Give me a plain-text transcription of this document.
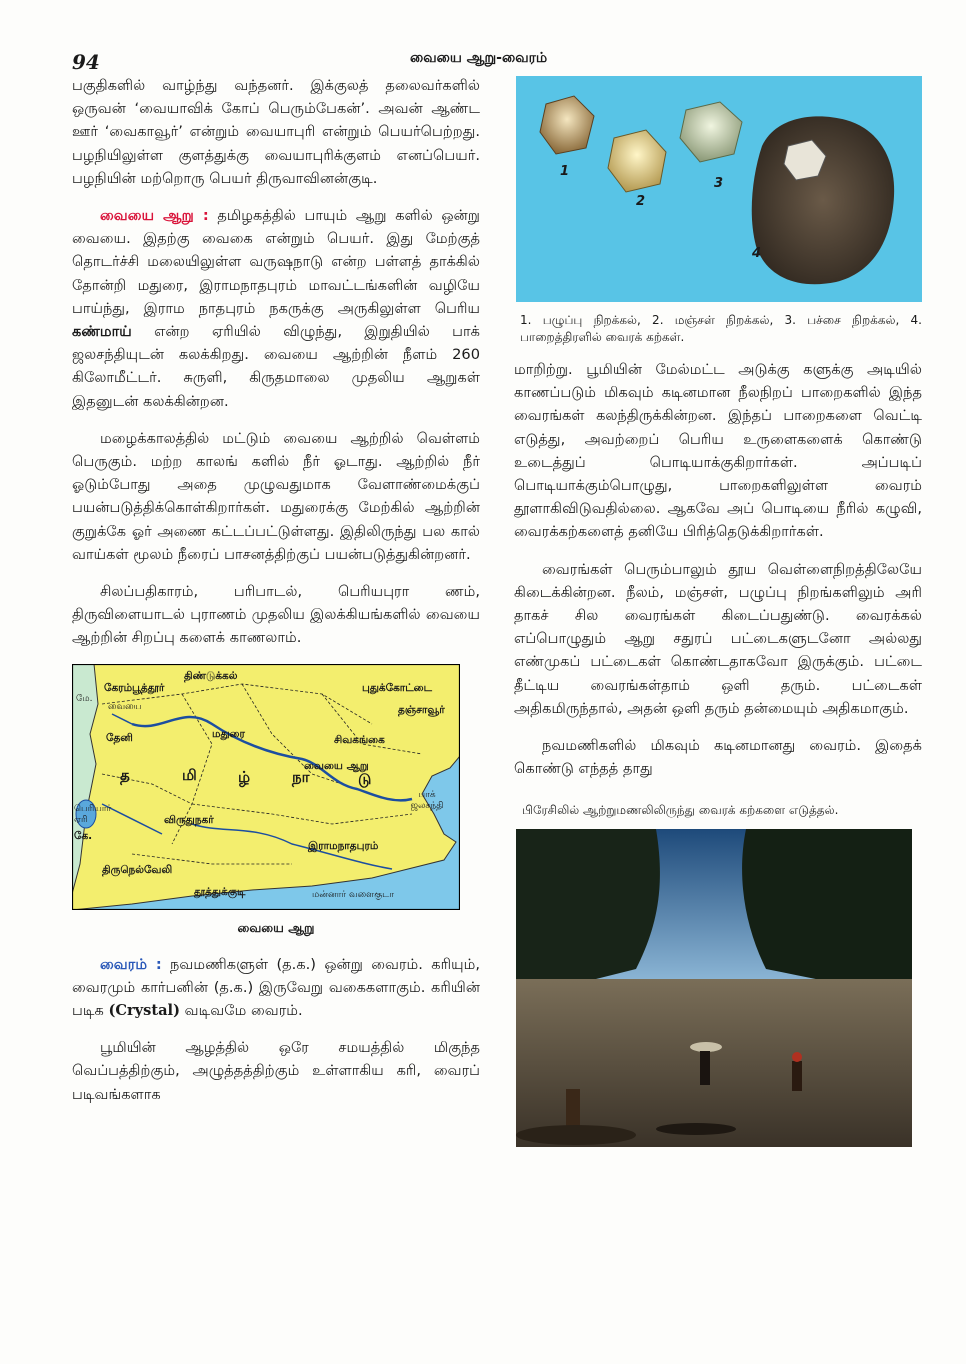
94	வையை ஆறு-வைரம்

பகுதிகளில் வாழ்ந்து வந்தனர். இக்குலத் தலைவர்களில் ஒருவன் ‘வையாவிக் கோப் பெரும்பேகன்’. அவன் ஆண்ட ஊர் ‘வைகாவூர்’ என்றும் வையாபுரி என்றும் பெயர்பெற்றது. பழநியிலுள்ள குளத்துக்கு வையாபுரிக்குளம் எனப்பெயர். பழநியின் மற்றொரு பெயர் திருவாவினன்குடி.

வையை ஆறு : தமிழகத்தில் பாயும் ஆறு களில் ஒன்று வையை. இதற்கு வைகை என்றும் பெயர். இது மேற்குத் தொடர்ச்சி மலையிலுள்ள வருஷநாடு என்ற பள்ளத் தாக்கில் தோன்றி மதுரை, இராமநாதபுரம் மாவட்டங்களின் வழியே பாய்ந்து, இராம நாதபுரம் நகருக்கு அருகிலுள்ள பெரிய கண்மாய் என்ற ஏரியில் விழுந்து, இறுதியில் பாக் ஜலசந்தியுடன் கலக்கிறது. வையை ஆற்றின் நீளம் 260 கிலோமீட்டர். சுருளி, கிருதமாலை முதலிய ஆறுகள் இதனுடன் கலக்கின்றன.

மழைக்காலத்தில் மட்டும் வையை ஆற்றில் வெள்ளம் பெருகும். மற்ற காலங் களில் நீர் ஓடாது. ஆற்றில் நீர் ஓடும்போது அதை முழுவதுமாக வேளாண்மைக்குப் பயன்படுத்திக்கொள்கிறார்கள். மதுரைக்கு மேற்கில் ஆற்றின் குறுக்கே ஓர் அணை கட்டப்பட்டுள்ளது. இதிலிருந்து பல கால் வாய்கள் மூலம் நீரைப் பாசனத்திற்குப் பயன்படுத்துகின்றனர்.

சிலப்பதிகாரம், பரிபாடல், பெரியபுரா ணம், திருவிளையாடல் புராணம் முதலிய இலக்கியங்களில் வையை ஆற்றின் சிறப்பு களைக் காணலாம்.

திண்டுக்கல்
கேரம்பூத்தூர்
வையை
புதுக்கோட்டை
தஞ்சாவூர்
தேனி	மதுரை	சிவகங்கை
வையை ஆறு
த	மி	ழ்	நா	டு
பாக் ஜலசந்தி
பெரியார் ஏரி
கே.
மே.
விருதுநகர்
இராமநாதபுரம்
திருநெல்வேலி
தூத்துக்குடி	மன்னார் வளைகுடா
வையை ஆறு

வைரம் : நவமணிகளுள் (த.க.) ஒன்று வைரம். கரியும், வைரமும் கார்பனின் (த.க.) இருவேறு வகைகளாகும். கரியின் படிக (Crystal) வடிவமே வைரம்.

பூமியின் ஆழத்தில் ஒரே சமயத்தில் மிகுந்த வெப்பத்திற்கும், அழுத்தத்திற்கும் உள்ளாகிய கரி, வைரப் படிவங்களாக

1
2
3
4

1. பழுப்பு நிறக்கல், 2. மஞ்சள் நிறக்கல், 3. பச்சை நிறக்கல், 4. பாறைத்திரளில் வைரக் கற்கள்.

மாறிற்று. பூமியின் மேல்மட்ட அடுக்கு களுக்கு அடியில் காணப்படும் மிகவும் கடினமான நீலநிறப் பாறைகளில் இந்த வைரங்கள் கலந்திருக்கின்றன. இந்தப் பாறைகளை வெட்டி எடுத்து, அவற்றைப் பெரிய உருளைகளைக் கொண்டு உடைத்துப் பொடியாக்குகிறார்கள். அப்படிப் பொடியாக்கும்பொழுது, பாறைகளிலுள்ள வைரம் தூளாகிவிடுவதில்லை. ஆகவே அப் பொடியை நீரில் கழுவி, வைரக்கற்களைத் தனியே பிரித்தெடுக்கிறார்கள்.

வைரங்கள் பெரும்பாலும் தூய வெள்ளைநிறத்திலேயே கிடைக்கின்றன. நீலம், மஞ்சள், பழுப்பு நிறங்களிலும் அரி தாகச் சில வைரங்கள் கிடைப்பதுண்டு. வைரக்கல் எப்பொழுதும் ஆறு சதுரப் பட்டைகளுடனோ அல்லது எண்முகப் பட்டைகள் கொண்டதாகவோ இருக்கும். பட்டை தீட்டிய வைரங்கள்தாம் ஒளி தரும். பட்டைகள் அதிகமிருந்தால், அதன் ஒளி தரும் தன்மையும் அதிகமாகும்.

நவமணிகளில் மிகவும் கடினமானது வைரம். இதைக் கொண்டு எந்தத் தாது

பிரேசிலில் ஆற்றுமணலிலிருந்து வைரக் கற்களை எடுத்தல்.
